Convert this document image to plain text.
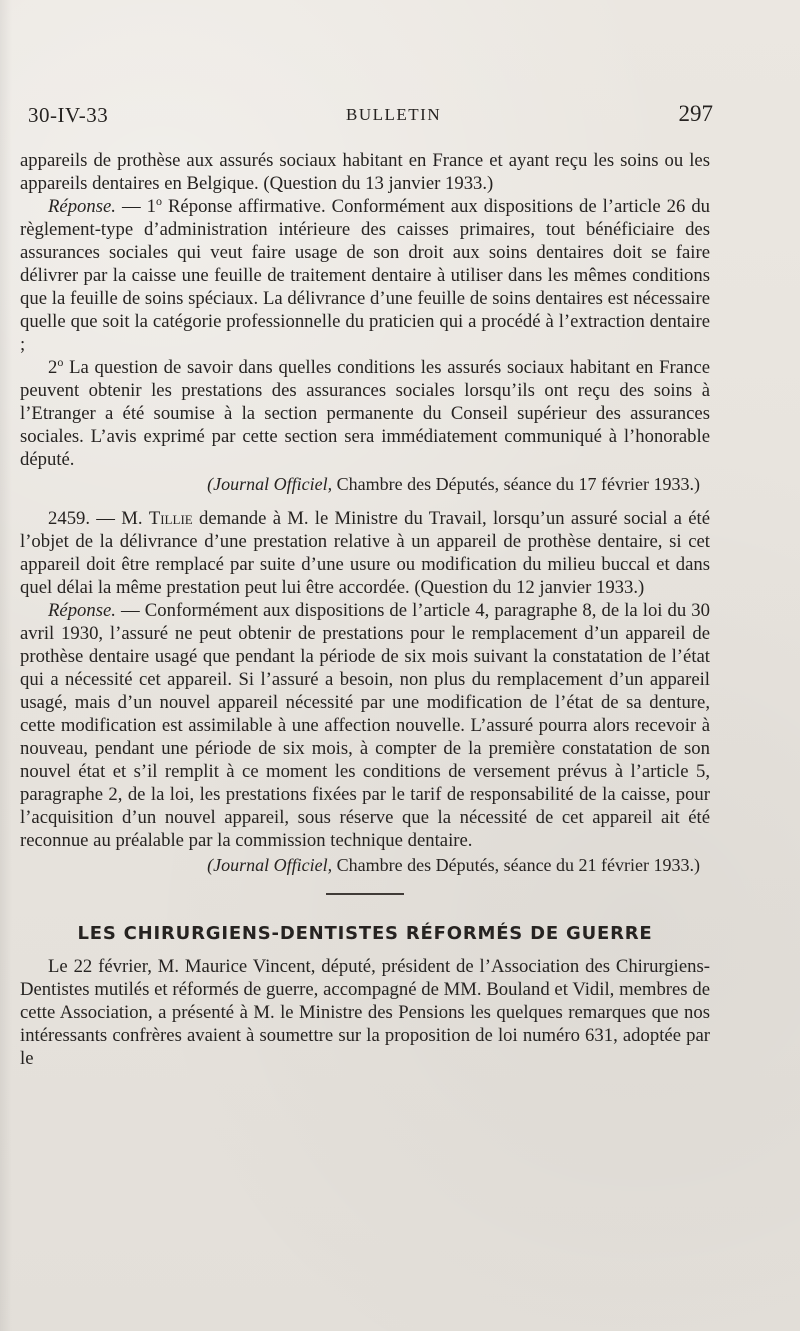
30-IV-33	BULLETIN	297

appareils de prothèse aux assurés sociaux habitant en France et ayant reçu les soins ou les appareils dentaires en Belgique. (Question du 13 janvier 1933.)

Réponse. — 1$^o$ Réponse affirmative. Conformément aux dispositions de l’article 26 du règlement-type d’administration intérieure des caisses primaires, tout bénéficiaire des assurances sociales qui veut faire usage de son droit aux soins dentaires doit se faire délivrer par la caisse une feuille de traitement dentaire à utiliser dans les mêmes conditions que la feuille de soins spéciaux. La délivrance d’une feuille de soins dentaires est nécessaire quelle que soit la catégorie professionnelle du praticien qui a procédé à l’extraction dentaire ;

2$^o$ La question de savoir dans quelles conditions les assurés sociaux habitant en France peuvent obtenir les prestations des assurances sociales lorsqu’ils ont reçu des soins à l’Etranger a été soumise à la section permanente du Conseil supérieur des assurances sociales. L’avis exprimé par cette section sera immédiatement communiqué à l’honorable député.

(Journal Officiel, Chambre des Députés, séance du 17 février 1933.)

2459. — M. Tillie demande à M. le Ministre du Travail, lorsqu’un assuré social a été l’objet de la délivrance d’une prestation relative à un appareil de prothèse dentaire, si cet appareil doit être remplacé par suite d’une usure ou modification du milieu buccal et dans quel délai la même prestation peut lui être accordée. (Question du 12 janvier 1933.)

Réponse. — Conformément aux dispositions de l’article 4, paragraphe 8, de la loi du 30 avril 1930, l’assuré ne peut obtenir de prestations pour le remplacement d’un appareil de prothèse dentaire usagé que pendant la période de six mois suivant la constatation de l’état qui a nécessité cet appareil. Si l’assuré a besoin, non plus du remplacement d’un appareil usagé, mais d’un nouvel appareil nécessité par une modification de l’état de sa denture, cette modification est assimilable à une affection nouvelle. L’assuré pourra alors recevoir à nouveau, pendant une période de six mois, à compter de la première constatation de son nouvel état et s’il remplit à ce moment les conditions de versement prévus à l’article 5, paragraphe 2, de la loi, les prestations fixées par le tarif de responsabilité de la caisse, pour l’acquisition d’un nouvel appareil, sous réserve que la nécessité de cet appareil ait été reconnue au préalable par la commission technique dentaire.

(Journal Officiel, Chambre des Députés, séance du 21 février 1933.)

LES CHIRURGIENS-DENTISTES RÉFORMÉS DE GUERRE

Le 22 février, M. Maurice Vincent, député, président de l’Association des Chirurgiens-Dentistes mutilés et réformés de guerre, accompagné de MM. Bouland et Vidil, membres de cette Association, a présenté à M. le Ministre des Pensions les quelques remarques que nos intéressants confrères avaient à soumettre sur la proposition de loi numéro 631, adoptée par le
